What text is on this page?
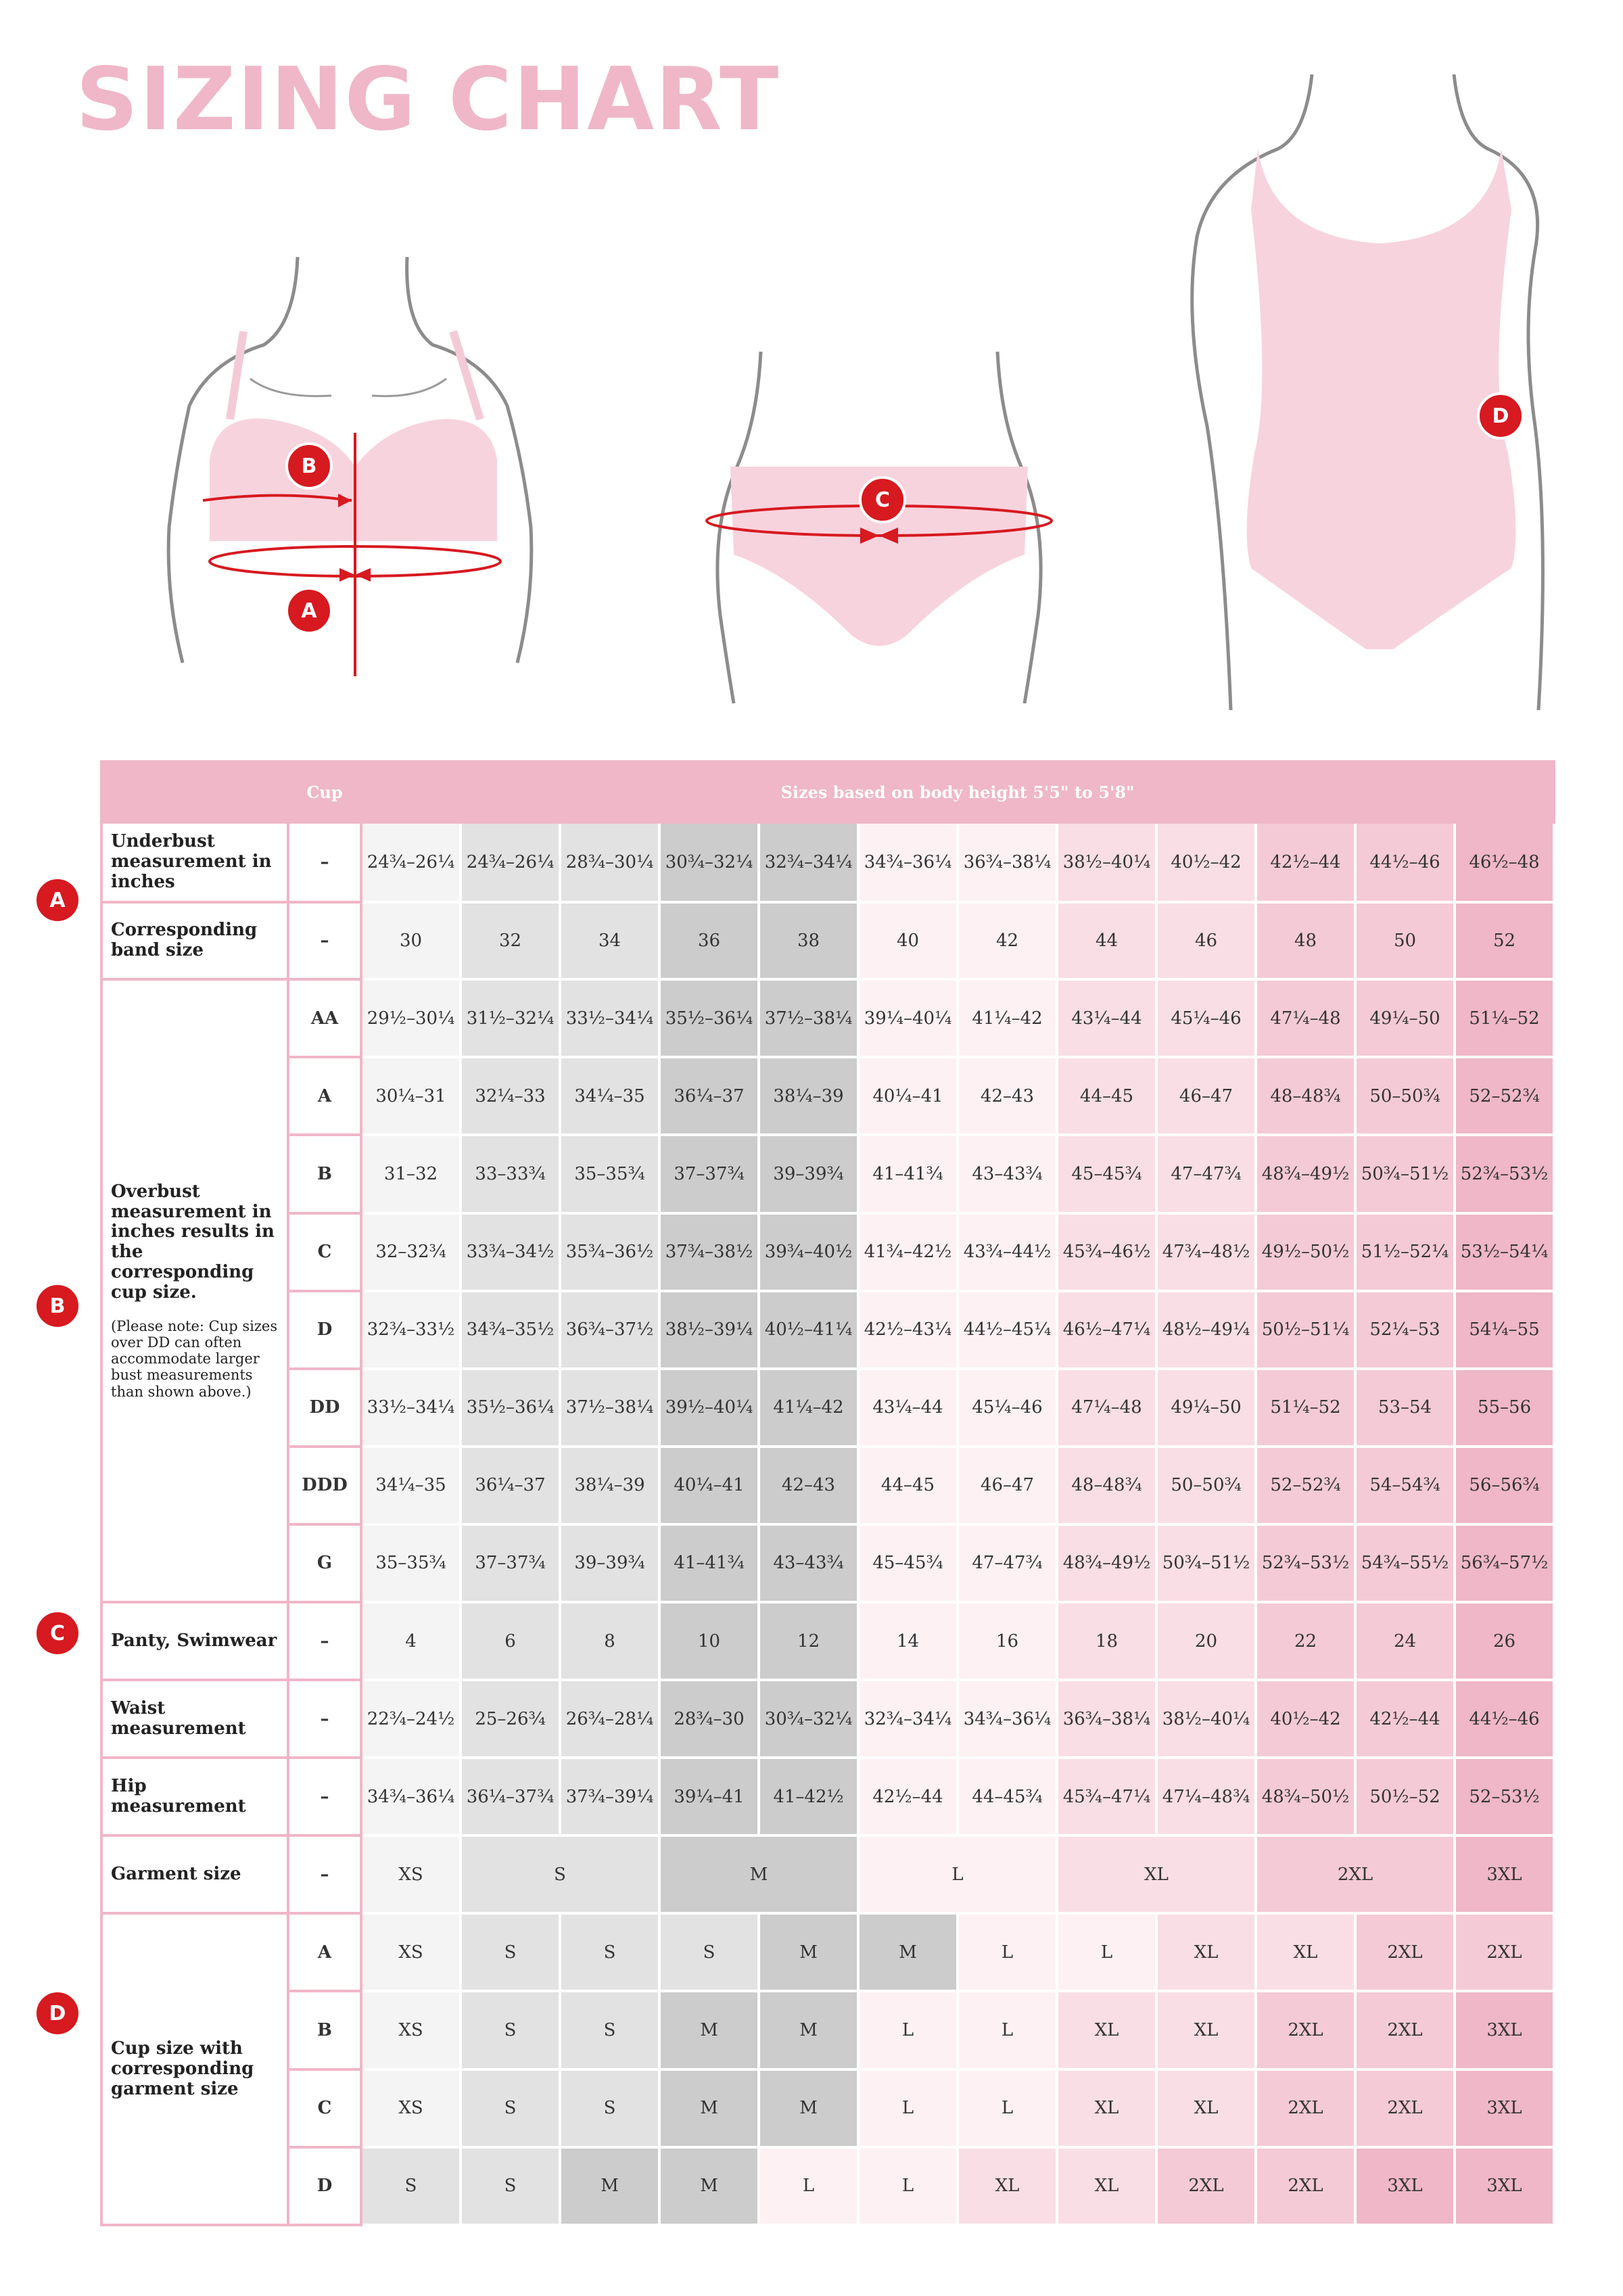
SIZING CHART
B
A
C
D
A
B
C
D
	Cup	Sizes based on body height 5'5" to 5'8"											
Underbust measurement in inches	–	24¾–26¼	24¾–26¼	28¾–30¼	30¾–32¼	32¾–34¼	34¾–36¼	36¾–38¼	38½–40¼	40½–42	42½–44	44½–46	46½–48
Corresponding band size	–	30	32	34	36	38	40	42	44	46	48	50	52
Overbust measurement in inches results in the corresponding cup size.
(Please note: Cup sizes over DD can often accommodate larger bust measurements than shown above.)	AA	29½–30¼	31½–32¼	33½–34¼	35½–36¼	37½–38¼	39¼–40¼	41¼–42	43¼–44	45¼–46	47¼–48	49¼–50	51¼–52
	A	30¼–31	32¼–33	34¼–35	36¼–37	38¼–39	40¼–41	42–43	44–45	46–47	48–48¾	50–50¾	52–52¾
	B	31–32	33–33¾	35–35¾	37–37¾	39–39¾	41–41¾	43–43¾	45–45¾	47–47¾	48¾–49½	50¾–51½	52¾–53½
	C	32–32¾	33¾–34½	35¾–36½	37¾–38½	39¾–40½	41¾–42½	43¾–44½	45¾–46½	47¾–48½	49½–50½	51½–52¼	53½–54¼
	D	32¾–33½	34¾–35½	36¾–37½	38½–39¼	40½–41¼	42½–43¼	44½–45¼	46½–47¼	48½–49¼	50½–51¼	52¼–53	54¼–55
	DD	33½–34¼	35½–36¼	37½–38¼	39½–40¼	41¼–42	43¼–44	45¼–46	47¼–48	49¼–50	51¼–52	53–54	55–56
	DDD	34¼–35	36¼–37	38¼–39	40¼–41	42–43	44–45	46–47	48–48¾	50–50¾	52–52¾	54–54¾	56–56¾
	G	35–35¾	37–37¾	39–39¾	41–41¾	43–43¾	45–45¾	47–47¾	48¾–49½	50¾–51½	52¾–53½	54¾–55½	56¾–57½
Panty, Swimwear	–	4	6	8	10	12	14	16	18	20	22	24	26
Waist measurement	–	22¾–24½	25–26¾	26¾–28¼	28¾–30	30¾–32¼	32¾–34¼	34¾–36¼	36¾–38¼	38½–40¼	40½–42	42½–44	44½–46
Hip measurement	–	34¾–36¼	36¼–37¾	37¾–39¼	39¼–41	41–42½	42½–44	44–45¾	45¾–47¼	47¼–48¾	48¾–50½	50½–52	52–53½
Garment size	–	XS	S		M		L		XL		2XL		3XL
Cup size with corresponding garment size	A	XS	S	S	S	M	M	L	L	XL	XL	2XL	2XL
	B	XS	S	S	M	M	L	L	XL	XL	2XL	2XL	3XL
	C	XS	S	S	M	M	L	L	XL	XL	2XL	2XL	3XL
	D	S	S	M	M	L	L	XL	XL	2XL	2XL	3XL	3XL
